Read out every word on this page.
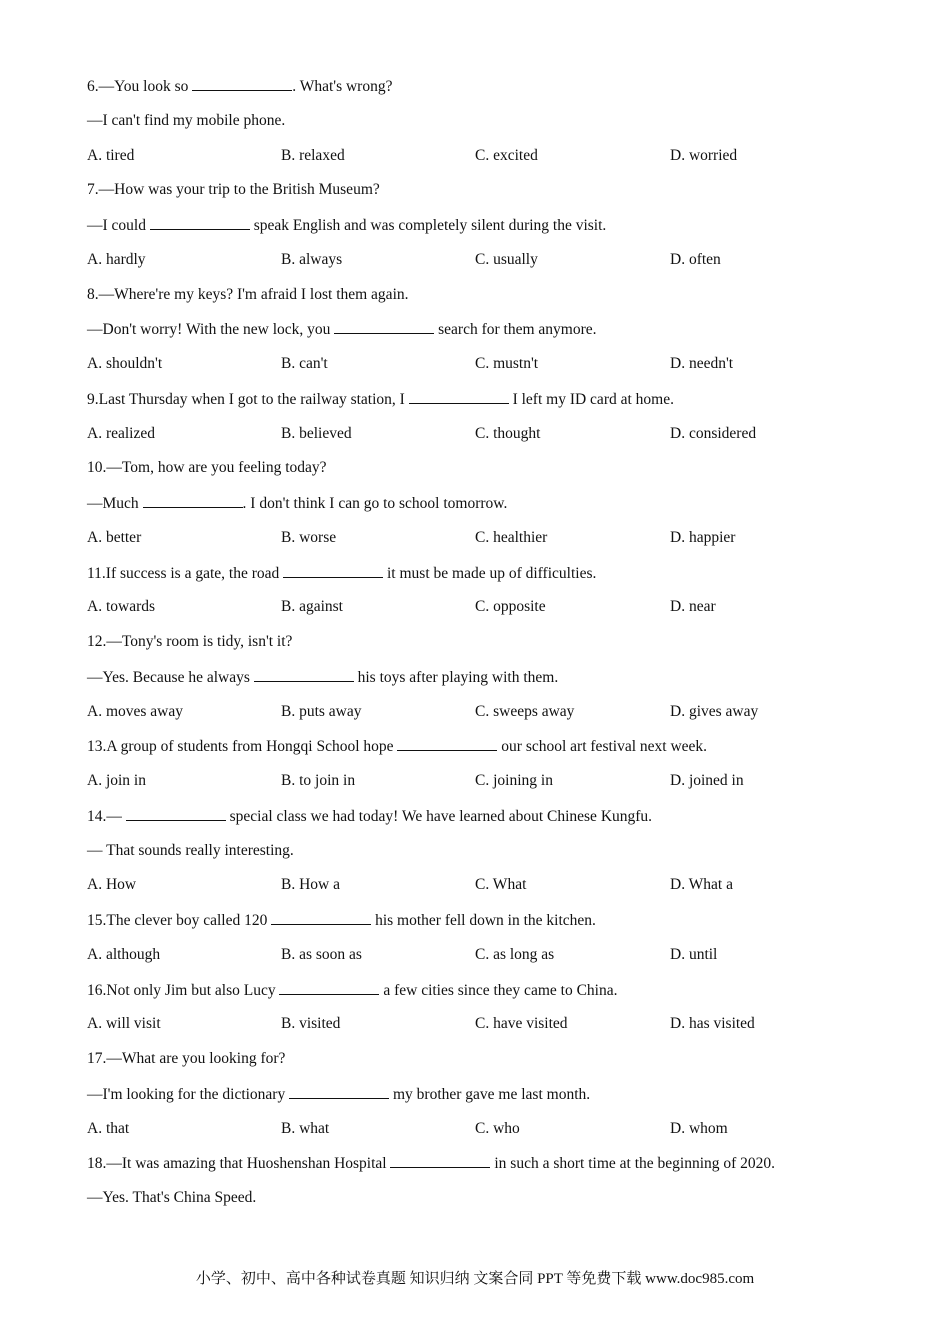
6.—You look so	. What's wrong?
—I can't find my mobile phone.
A. tired	B. relaxed	C. excited	D. worried
7.—How was your trip to the British Museum?
—I could	speak English and was completely silent during the visit.
A. hardly	B. always	C. usually	D. often
8.—Where're my keys? I'm afraid I lost them again.
—Don't worry! With the new lock, you	search for them anymore.
A. shouldn't	B. can't	C. mustn't	D. needn't
9.Last Thursday when I got to the railway station, I	I left my ID card at home.
A. realized	B. believed	C. thought	D. considered
10.—Tom, how are you feeling today?
—Much	. I don't think I can go to school tomorrow.
A. better	B. worse	C. healthier	D. happier
11.If success is a gate, the road	it must be made up of difficulties.
A. towards	B. against	C. opposite	D. near
12.—Tony's room is tidy, isn't it?
—Yes. Because he always	his toys after playing with them.
A. moves away	B. puts away	C. sweeps away	D. gives away
13.A group of students from Hongqi School hope	our school art festival next week.
A. join in	B. to join in	C. joining in	D. joined in
14.—	special class we had today! We have learned about Chinese Kungfu.
— That sounds really interesting.
A. How	B. How a	C. What	D. What a
15.The clever boy called 120	his mother fell down in the kitchen.
A. although	B. as soon as	C. as long as	D. until
16.Not only Jim but also Lucy	a few cities since they came to China.
A. will visit	B. visited	C. have visited	D. has visited
17.—What are you looking for?
—I'm looking for the dictionary	my brother gave me last month.
A. that	B. what	C. who	D. whom
18.—It was amazing that Huoshenshan Hospital	in such a short time at the beginning of 2020.
—Yes. That's China Speed.
小学、初中、高中各种试卷真题 知识归纳 文案合同 PPT 等免费下载 www.doc985.com
